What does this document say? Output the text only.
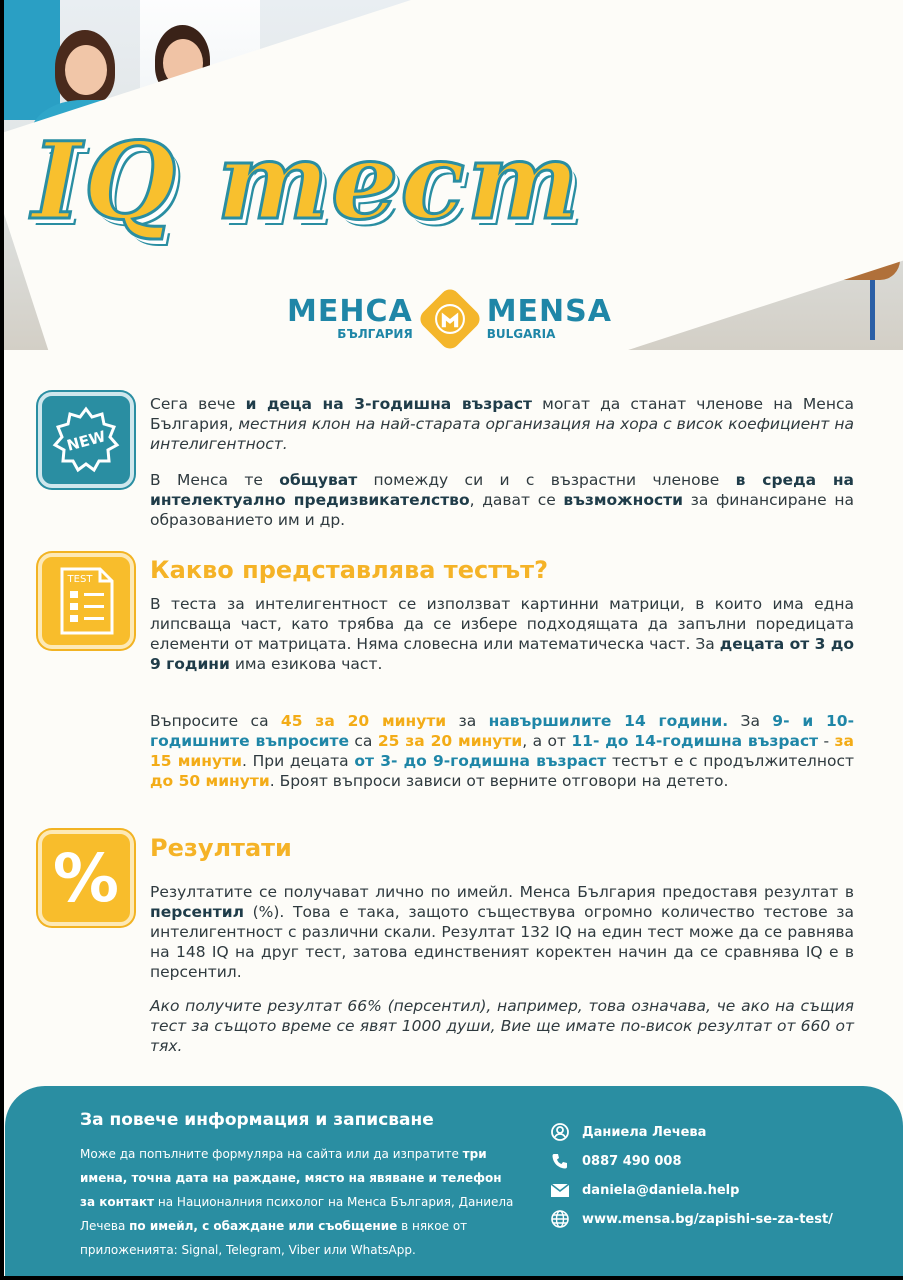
IQ тест
МЕНСА
БЪЛГАРИЯ
MENSA
BULGARIA
NEW
Сега вече и деца на 3-годишна възраст могат да станат членове на Менса България, местния клон на най-старата организация на хора с висок коефициент на интелигентност.
В Менса те общуват помежду си и с възрастни членове в среда на интелектуално предизвикателство, дават се възможности за финансиране на образованието им и др.
TEST Какво представлява тестът?
В теста за интелигентност се използват картинни матрици, в които има една липсваща част, като трябва да се избере подходящата да запълни поредицата елементи от матрицата. Няма словесна или математическа част. За децата от 3 до 9 години има езикова част.
Въпросите са 45 за 20 минути за навършилите 14 години. За 9- и 10-годишните въпросите са 25 за 20 минути, а от 11- до 14-годишна възраст - за 15 минути. При децата от 3- до 9-годишна възраст тестът е с продължителност до 50 минути. Броят въпроси зависи от верните отговори на детето.
% Резултати
Резултатите се получават лично по имейл. Менса България предоставя резултат в персентил (%). Това е така, защото съществува огромно количество тестове за интелигентност с различни скали. Резултат 132 IQ на един тест може да се равнява на 148 IQ на друг тест, затова единственият коректен начин да се сравнява IQ е в персентил.
Ако получите резултат 66% (персентил), например, това означава, че ако на същия тест за същото време се явят 1000 души, Вие ще имате по-висок резултат от 660 от тях.
За повече информация и записване
Може да попълните формуляра на сайта или да изпратите три имена, точна дата на раждане, място на явяване и телефон за контакт на Националния психолог на Менса България, Даниела Лечева по имейл, с обаждане или съобщение в някое от приложенията: Signal, Telegram, Viber или WhatsApp.
Даниела Лечева
0887 490 008
daniela@daniela.help
www.mensa.bg/zapishi-se-za-test/
